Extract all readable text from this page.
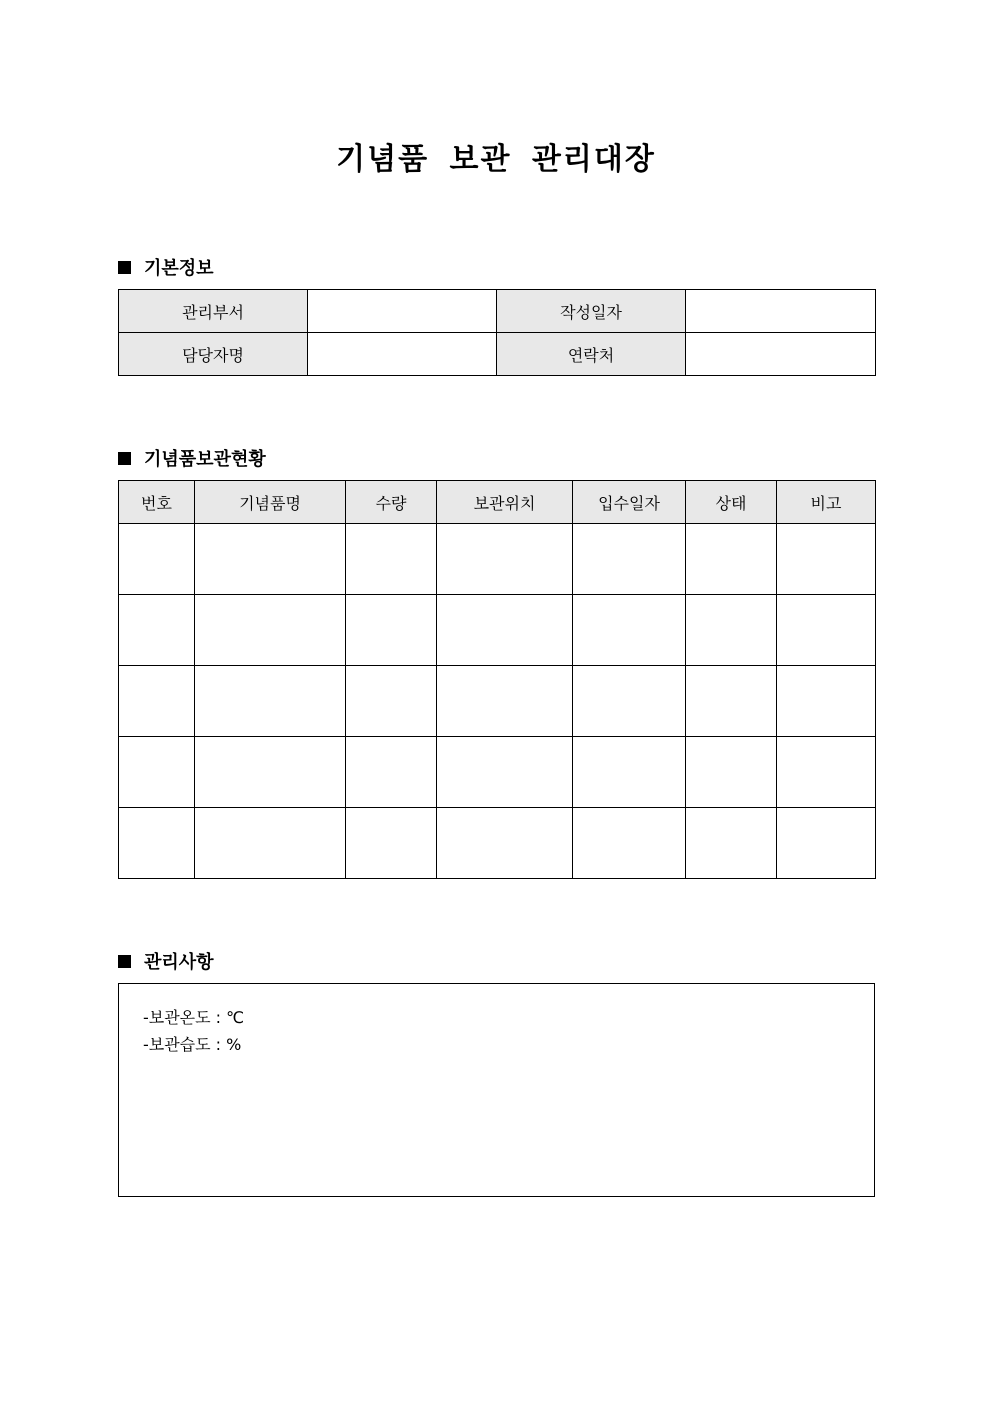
기념품 보관 관리대장
기본정보
관리부서		작성일자	
담당자명		연락처	
기념품보관현황
번호	기념품명	수량	보관위치	입수일자	상태	비고

관리사항
-보관온도 : ℃
-보관습도 : %
